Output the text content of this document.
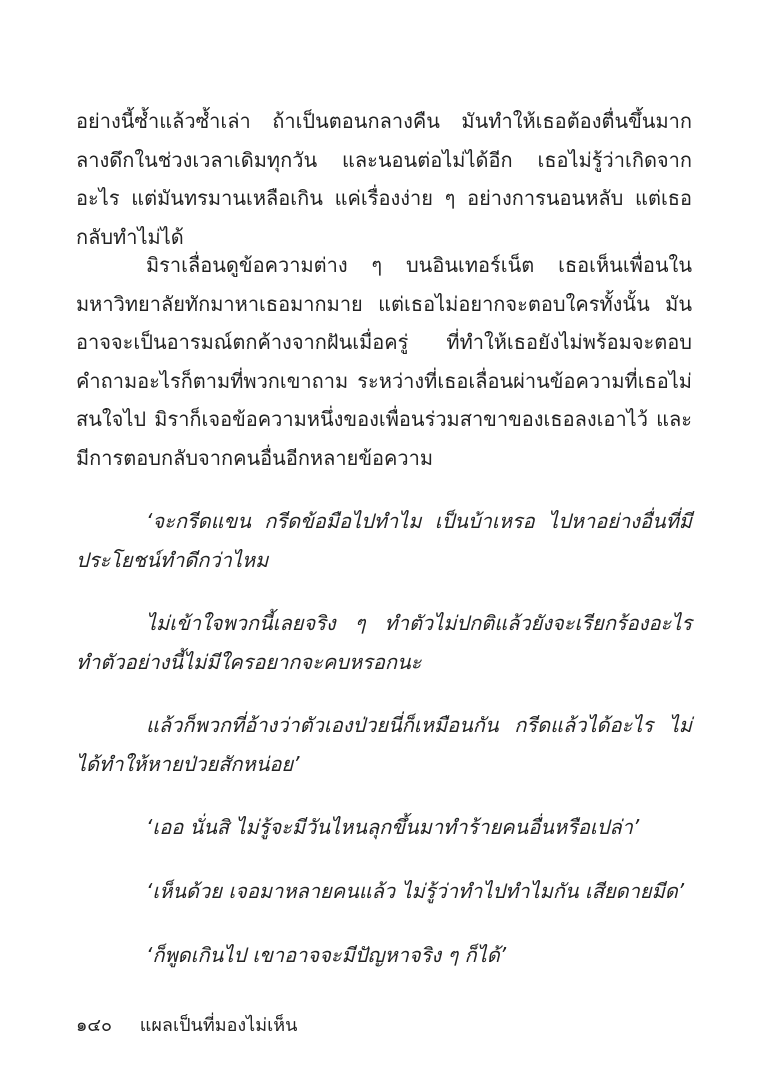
อย่างนี้ซ้ำแล้วซ้ำเล่า ถ้าเป็นตอนกลางคืน มันทำให้เธอต้องตื่นขึ้นมากลางดึกในช่วงเวลาเดิมทุกวัน และนอนต่อไม่ได้อีก เธอไม่รู้ว่าเกิดจากอะไร แต่มันทรมานเหลือเกิน แค่เรื่องง่าย ๆ อย่างการนอนหลับ แต่เธอกลับทำไม่ได้

มิราเลื่อนดูข้อความต่าง ๆ บนอินเทอร์เน็ต เธอเห็นเพื่อนในมหาวิทยาลัยทักมาหาเธอมากมาย แต่เธอไม่อยากจะตอบใครทั้งนั้น มันอาจจะเป็นอารมณ์ตกค้างจากฝันเมื่อครู่ ที่ทำให้เธอยังไม่พร้อมจะตอบคำถามอะไรก็ตามที่พวกเขาถาม ระหว่างที่เธอเลื่อนผ่านข้อความที่เธอไม่สนใจไป มิราก็เจอข้อความหนึ่งของเพื่อนร่วมสาขาของเธอลงเอาไว้ และมีการตอบกลับจากคนอื่นอีกหลายข้อความ

‘จะกรีดแขน กรีดข้อมือไปทำไม เป็นบ้าเหรอ ไปหาอย่างอื่นที่มีประโยชน์ทำดีกว่าไหม

ไม่เข้าใจพวกนี้เลยจริง ๆ ทำตัวไม่ปกติแล้วยังจะเรียกร้องอะไร ทำตัวอย่างนี้ไม่มีใครอยากจะคบหรอกนะ

แล้วก็พวกที่อ้างว่าตัวเองป่วยนี่ก็เหมือนกัน กรีดแล้วได้อะไร ไม่ได้ทำให้หายป่วยสักหน่อย’

‘เออ นั่นสิ ไม่รู้จะมีวันไหนลุกขึ้นมาทำร้ายคนอื่นหรือเปล่า’

‘เห็นด้วย เจอมาหลายคนแล้ว ไม่รู้ว่าทำไปทำไมกัน เสียดายมีด’

‘ก็พูดเกินไป เขาอาจจะมีปัญหาจริง ๆ ก็ได้’

๑๔๐ แผลเป็นที่มองไม่เห็น
